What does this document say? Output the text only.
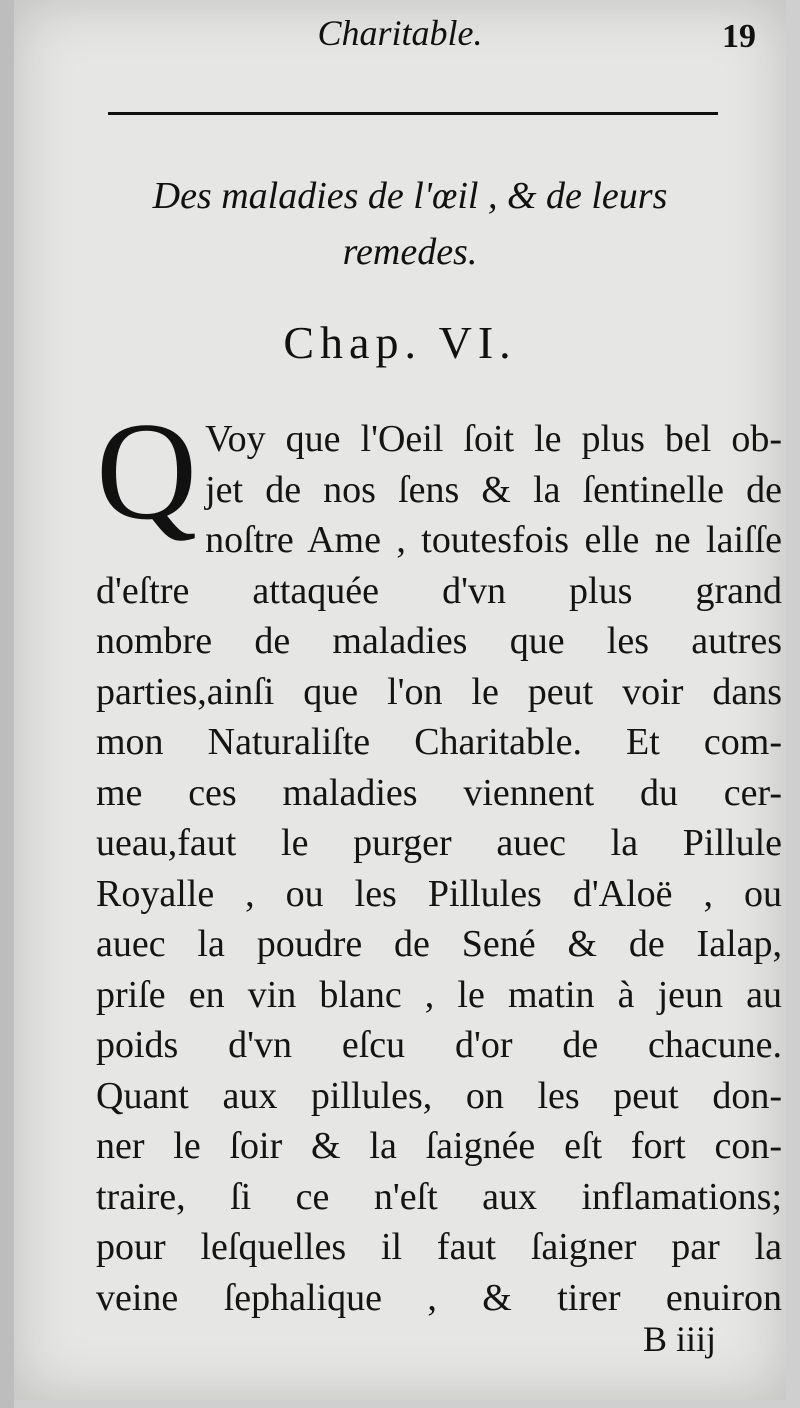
Charitable.	19
Des maladies de l'œil , & de leurs
remedes.
Chap. VI.
Q Voy que l'Oeil ſoit le plus bel ob-
jet de nos ſens & la ſentinelle de
noſtre Ame , toutesfois elle ne laiſſe
d'eſtre attaquée d'vn plus grand
nombre de maladies que les autres
parties,ainſi que l'on le peut voir dans
mon Naturaliſte Charitable. Et com-
me ces maladies viennent du cer-
ueau,faut le purger auec la Pillule
Royalle , ou les Pillules d'Aloë , ou
auec la poudre de Sené & de Ialap,
priſe en vin blanc , le matin à jeun au
poids d'vn eſcu d'or de chacune.
Quant aux pillules, on les peut don-
ner le ſoir & la ſaignée eſt fort con-
traire, ſi ce n'eſt aux inflamations;
pour leſquelles il faut ſaigner par la
veine ſephalique , & tirer enuiron
B iiij
